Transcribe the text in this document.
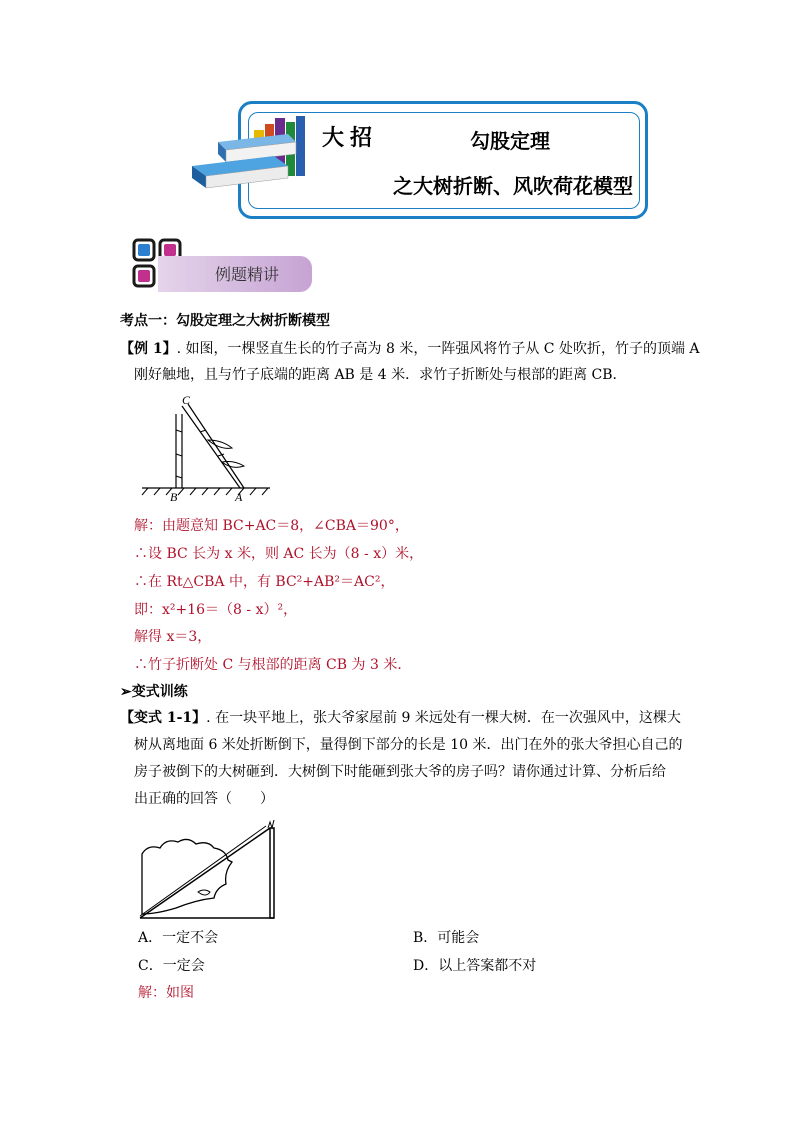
大招	勾股定理
之大树折断、风吹荷花模型
例题精讲
考点一：勾股定理之大树折断模型
【例 1】. 如图，一棵竖直生长的竹子高为 8 米，一阵强风将竹子从 C 处吹折，竹子的顶端 A
刚好触地，且与竹子底端的距离 AB 是 4 米．求竹子折断处与根部的距离 CB．
C
B	A
解：由题意知 BC+AC＝8，∠CBA＝90°，
∴设 BC 长为 x 米，则 AC 长为（8 - x）米，
∴在 Rt△CBA 中，有 BC²+AB²＝AC²，
即：x²+16＝（8 - x）²，
解得 x＝3，
∴竹子折断处 C 与根部的距离 CB 为 3 米．
➢变式训练
【变式 1-1】. 在一块平地上，张大爷家屋前 9 米远处有一棵大树．在一次强风中，这棵大
树从离地面 6 米处折断倒下，量得倒下部分的长是 10 米．出门在外的张大爷担心自己的
房子被倒下的大树砸到．大树倒下时能砸到张大爷的房子吗？请你通过计算、分析后给
出正确的回答（　　）
A．一定不会	B．可能会
C．一定会	D．以上答案都不对
解：如图
